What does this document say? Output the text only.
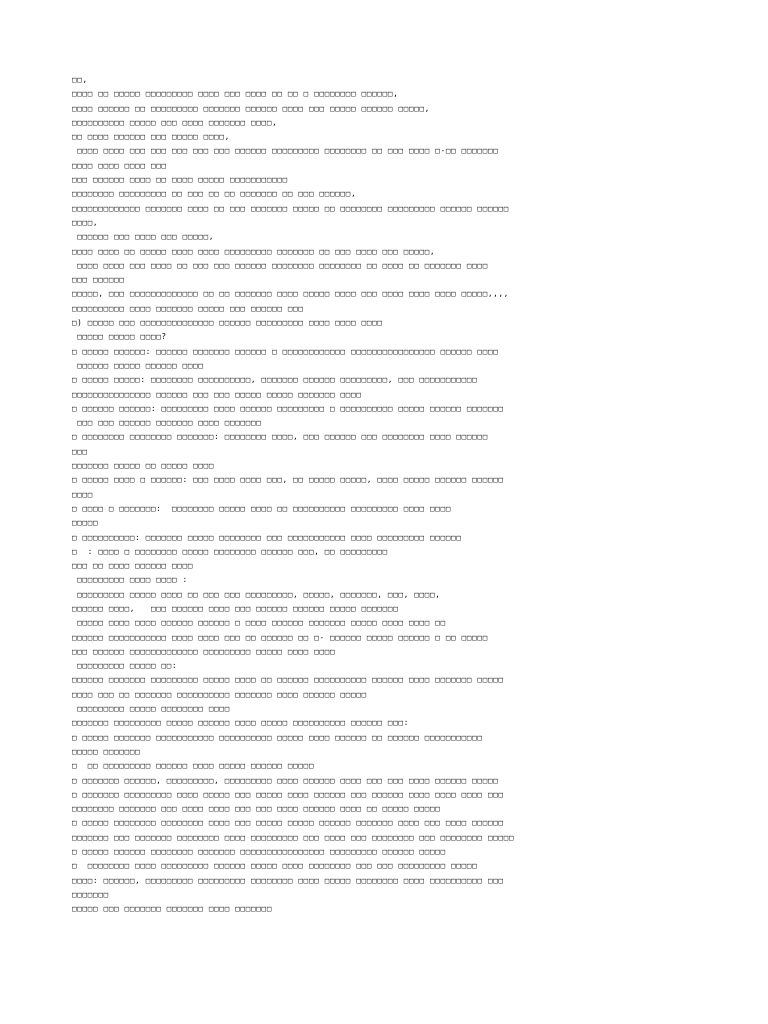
□□,
□□□□ □□ □□□□□ □□□□□□□□□ □□□□ □□□ □□□□ □□ □□ □ □□□□□□□□ □□□□□□,
□□□□ □□□□□□ □□ □□□□□□□□□ □□□□□□□ □□□□□□ □□□□ □□□ □□□□□ □□□□□□ □□□□□,
□□□□□□□□□□ □□□□□ □□□ □□□□ □□□□□□□ □□□□,
□□ □□□□ □□□□□□ □□□ □□□□□ □□□□,
□□□□ □□□□ □□□ □□□ □□□ □□□ □□□ □□□□□□ □□□□□□□□□ □□□□□□□□ □□ □□□ □□□□ □-□□ □□□□□□□
□□□□ □□□□ □□□□ □□□
□□□ □□□□□□ □□□□ □□ □□□□ □□□□□ □□□□□□□□□□□
□□□□□□□□ □□□□□□□□□ □□ □□□ □□ □□ □□□□□□□ □□ □□□ □□□□□□,
□□□□□□□□□□□□□ □□□□□□□ □□□□ □□ □□□ □□□□□□□ □□□□□ □□ □□□□□□□□ □□□□□□□□□ □□□□□□ □□□□□□
□□□□,
□□□□□□ □□□ □□□□ □□□ □□□□□,
□□□□ □□□□ □□ □□□□□ □□□□ □□□□ □□□□□□□□□ □□□□□□□ □□ □□□ □□□□ □□□ □□□□□,
□□□□ □□□□ □□□ □□□□ □□ □□□ □□□ □□□□□□ □□□□□□□□ □□□□□□□□ □□ □□□□ □□ □□□□□□□ □□□□
□□□ □□□□□□
□□□□□, □□□ □□□□□□□□□□□□□ □□ □□ □□□□□□□ □□□□ □□□□□ □□□□ □□□ □□□□ □□□□ □□□□ □□□□□,,,,
□□□□□□□□□□ □□□□ □□□□□□□ □□□□□ □□□ □□□□□□ □□□
□) □□□□□ □□□ □□□□□□□□□□□□□□ □□□□□□ □□□□□□□□□ □□□□ □□□□ □□□□
□□□□□ □□□□□ □□□□?
□ □□□□□ □□□□□□: □□□□□□ □□□□□□□ □□□□□□ □ □□□□□□□□□□□□ □□□□□□□□□□□□□□□□ □□□□□□ □□□□
□□□□□□ □□□□□ □□□□□□ □□□□
□ □□□□□ □□□□□: □□□□□□□□ □□□□□□□□□□, □□□□□□□ □□□□□□ □□□□□□□□□, □□□ □□□□□□□□□□□
□□□□□□□□□□□□□□□ □□□□□□ □□□ □□□ □□□□□ □□□□□ □□□□□□□ □□□□
□ □□□□□□ □□□□□□: □□□□□□□□□ □□□□ □□□□□□ □□□□□□□□□ □ □□□□□□□□□□ □□□□□ □□□□□□ □□□□□□□
□□□ □□□ □□□□□□ □□□□□□□ □□□□ □□□□□□□
□ □□□□□□□□ □□□□□□□□ □□□□□□□: □□□□□□□□ □□□□, □□□ □□□□□□ □□□ □□□□□□□□ □□□□ □□□□□□
□□□
□□□□□□□ □□□□□ □□ □□□□□ □□□□
□ □□□□□ □□□□ □ □□□□□□: □□□ □□□□ □□□□ □□□, □□ □□□□□ □□□□□, □□□□ □□□□□ □□□□□□ □□□□□□
□□□□
□ □□□□ □ □□□□□□□:  □□□□□□□□ □□□□□ □□□□ □□ □□□□□□□□□□ □□□□□□□□□ □□□□ □□□□
□□□□□
□ □□□□□□□□□□: □□□□□□□ □□□□□ □□□□□□□□ □□□ □□□□□□□□□□□ □□□□ □□□□□□□□□ □□□□□□
□  : □□□□ □ □□□□□□□□ □□□□□ □□□□□□□□ □□□□□□ □□□, □□ □□□□□□□□□
□□□ □□ □□□□ □□□□□□ □□□□
□□□□□□□□□ □□□□ □□□□ :
□□□□□□□□□ □□□□□ □□□□ □□ □□□ □□□ □□□□□□□□□, □□□□□, □□□□□□□, □□□, □□□□,
□□□□□□ □□□□,   □□□ □□□□□□ □□□□ □□□ □□□□□□ □□□□□□ □□□□□ □□□□□□□
□□□□□ □□□□ □□□□ □□□□□□ □□□□□□ □ □□□□ □□□□□□ □□□□□□□ □□□□□ □□□□ □□□□ □□
□□□□□□ □□□□□□□□□□□ □□□□ □□□□ □□□ □□ □□□□□□ □□ □- □□□□□□ □□□□□ □□□□□□ □ □□ □□□□□
□□□ □□□□□□ □□□□□□□□□□□□□ □□□□□□□□□ □□□□□ □□□□ □□□□
□□□□□□□□□ □□□□□ □□:
□□□□□□ □□□□□□□ □□□□□□□□□ □□□□□ □□□□ □□ □□□□□□ □□□□□□□□□□ □□□□□□ □□□□ □□□□□□□ □□□□□
□□□□ □□□ □□ □□□□□□□ □□□□□□□□□□ □□□□□□□ □□□□ □□□□□□ □□□□□
□□□□□□□□□ □□□□□ □□□□□□□□ □□□□
□□□□□□□ □□□□□□□□□ □□□□□ □□□□□□ □□□□ □□□□□ □□□□□□□□□□ □□□□□□ □□□:
□ □□□□□ □□□□□□□ □□□□□□□□□□□ □□□□□□□□□□ □□□□□ □□□□ □□□□□□ □□ □□□□□□ □□□□□□□□□□□
□□□□□ □□□□□□□
□  □□ □□□□□□□□□ □□□□□□ □□□□ □□□□□ □□□□□□ □□□□□
□ □□□□□□□ □□□□□□, □□□□□□□□□, □□□□□□□□□ □□□□ □□□□□□ □□□□ □□□ □□□ □□□□ □□□□□□ □□□□□
□ □□□□□□□ □□□□□□□□□ □□□□ □□□□□ □□□ □□□□□ □□□□ □□□□□□ □□□ □□□□□□ □□□□ □□□□ □□□□ □□□
□□□□□□□□ □□□□□□□ □□□ □□□□ □□□□ □□□ □□□ □□□□ □□□□□□ □□□□ □□ □□□□□ □□□□□
□ □□□□□ □□□□□□□□ □□□□□□□□ □□□□ □□□ □□□□□ □□□□□ □□□□□□ □□□□□□□ □□□□ □□□ □□□□ □□□□□□
□□□□□□□ □□□ □□□□□□□ □□□□□□□□ □□□□ □□□□□□□□□ □□□ □□□□ □□□ □□□□□□□□ □□□ □□□□□□□□ □□□□□
□ □□□□□ □□□□□□ □□□□□□□□ □□□□□□□ □□□□□□□□□□□□□□□□ □□□□□□□□□ □□□□□□ □□□□□
□  □□□□□□□□ □□□□ □□□□□□□□□ □□□□□□ □□□□□ □□□□ □□□□□□□□ □□□ □□□ □□□□□□□□□ □□□□□
□□□□: □□□□□□, □□□□□□□□□ □□□□□□□□□ □□□□□□□□ □□□□ □□□□□ □□□□□□□□ □□□□ □□□□□□□□□□ □□□
□□□□□□□
□□□□□ □□□ □□□□□□□ □□□□□□□ □□□□ □□□□□□□
